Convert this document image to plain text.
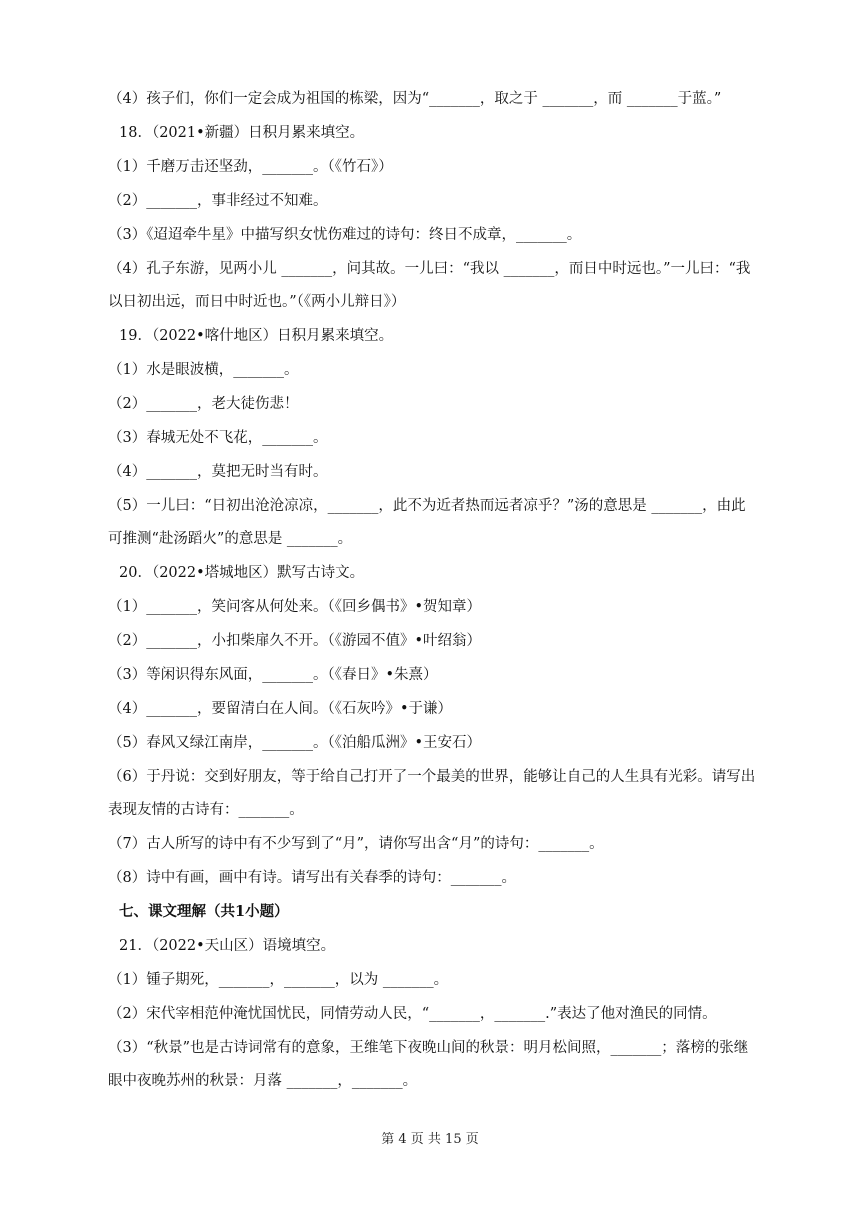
（4）孩子们，你们一定会成为祖国的栋梁，因为“_______，取之于 _______，而 _______于蓝。”
18．（2021•新疆）日积月累来填空。
（1）千磨万击还坚劲，_______。（《竹石》）
（2）_______，事非经过不知难。
（3）《迢迢牵牛星》中描写织女忧伤难过的诗句：终日不成章，_______。
（4）孔子东游，见两小儿 _______，问其故。一儿曰：“我以 _______，而日中时远也。”一儿曰：“我
以日初出远，而日中时近也。”（《两小儿辩日》）
19．（2022•喀什地区）日积月累来填空。
（1）水是眼波横，_______。
（2）_______，老大徒伤悲！
（3）春城无处不飞花，_______。
（4）_______，莫把无时当有时。
（5）一儿曰：“日初出沧沧凉凉，_______，此不为近者热而远者凉乎？”汤的意思是 _______，由此
可推测“赴汤蹈火”的意思是 _______。
20．（2022•塔城地区）默写古诗文。
（1）_______，笑问客从何处来。（《回乡偶书》•贺知章）
（2）_______，小扣柴扉久不开。（《游园不值》•叶绍翁）
（3）等闲识得东风面，_______。（《春日》•朱熹）
（4）_______，要留清白在人间。（《石灰吟》•于谦）
（5）春风又绿江南岸，_______。（《泊船瓜洲》•王安石）
（6）于丹说：交到好朋友，等于给自己打开了一个最美的世界，能够让自己的人生具有光彩。请写出
表现友情的古诗有：_______。
（7）古人所写的诗中有不少写到了“月”，请你写出含“月”的诗句：_______。
（8）诗中有画，画中有诗。请写出有关春季的诗句：_______。
七、课文理解（共1小题）
21．（2022•天山区）语境填空。
（1）锺子期死，_______，_______，以为 _______。
（2）宋代宰相范仲淹忧国忧民，同情劳动人民，“_______，_______.”表达了他对渔民的同情。
（3）“秋景”也是古诗词常有的意象，王维笔下夜晚山间的秋景：明月松间照，_______；落榜的张继
眼中夜晚苏州的秋景：月落 _______，_______。
第 4 页 共 15 页
